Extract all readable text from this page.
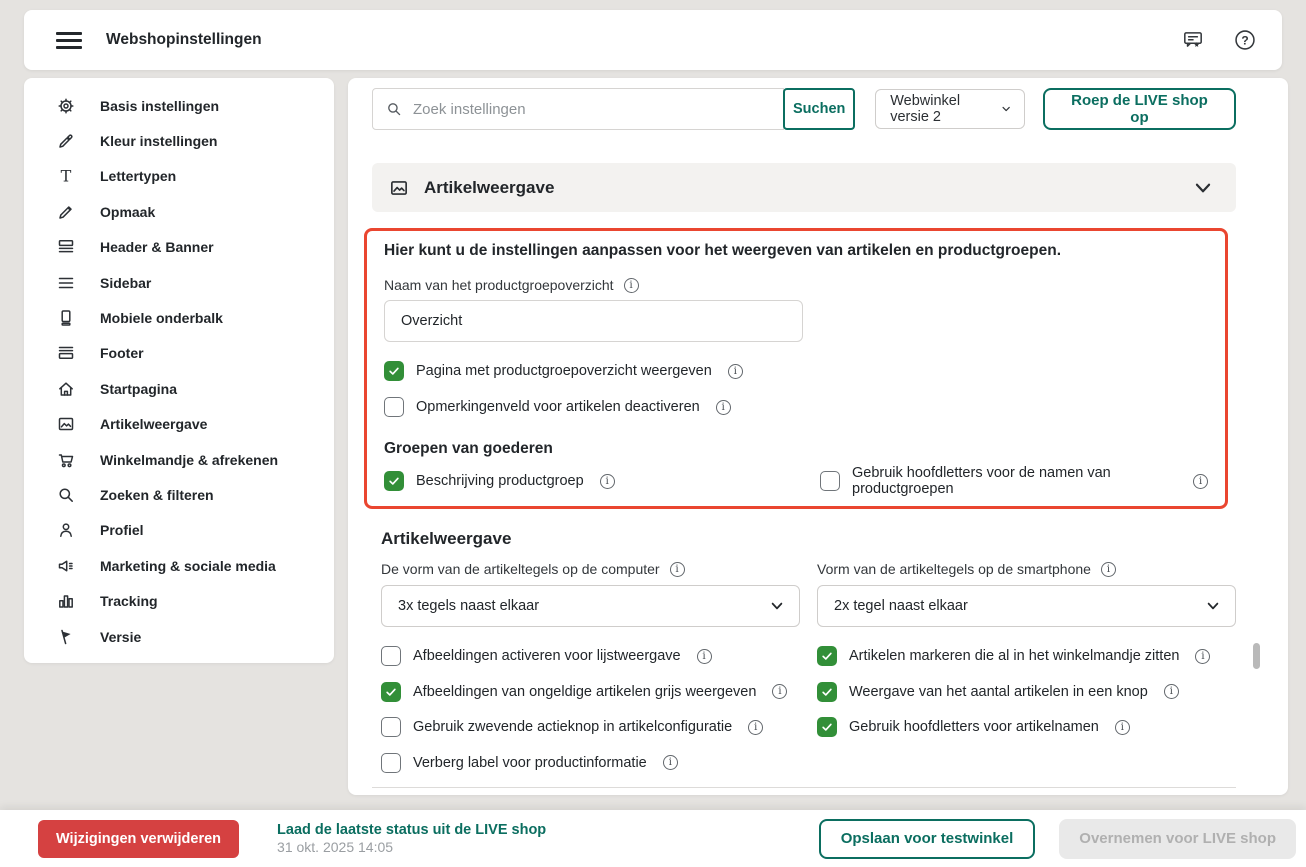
Webshopinstellingen	?
Basis instellingen
Kleur instellingen
T Lettertypen
Opmaak
Header & Banner
Sidebar
Mobiele onderbalk
Footer
Startpagina
Artikelweergave
Winkelmandje & afrekenen
Zoeken & filteren
Profiel
Marketing & sociale media
Tracking
Versie
Zoek instellingen
Suchen	Webwinkel versie 2
Roep de LIVE shop op
Artikelweergave

Hier kunt u de instellingen aanpassen voor het weergeven van artikelen en productgroepen.

Naam van het productgroepoverzicht
i
Overzicht
Pagina met productgroepoverzicht weergeven
i
Opmerkingenveld voor artikelen deactiveren
i
Groepen van goederen
Beschrijving productgroep i	Gebruik hoofdletters voor de namen van productgroepen
i
Artikelweergave
De vorm van de artikeltegels op de computer
i
3x tegels naast elkaar
Vorm van de artikeltegels op de smartphone
i
2x tegel naast elkaar
Afbeeldingen activeren voor lijstweergave
i
Afbeeldingen van ongeldige artikelen grijs weergeven
i
Gebruik zwevende actieknop in artikelconfiguratie
i
Verberg label voor productinformatie
i
Artikelen markeren die al in het winkelmandje zitten
i
Weergave van het aantal artikelen in een knop
i
Gebruik hoofdletters voor artikelnamen
i
Wijzigingen verwijderen
Laad de laatste status uit de LIVE shop
31 okt. 2025 14:05	Opslaan voor testwinkel	Overnemen voor LIVE shop
